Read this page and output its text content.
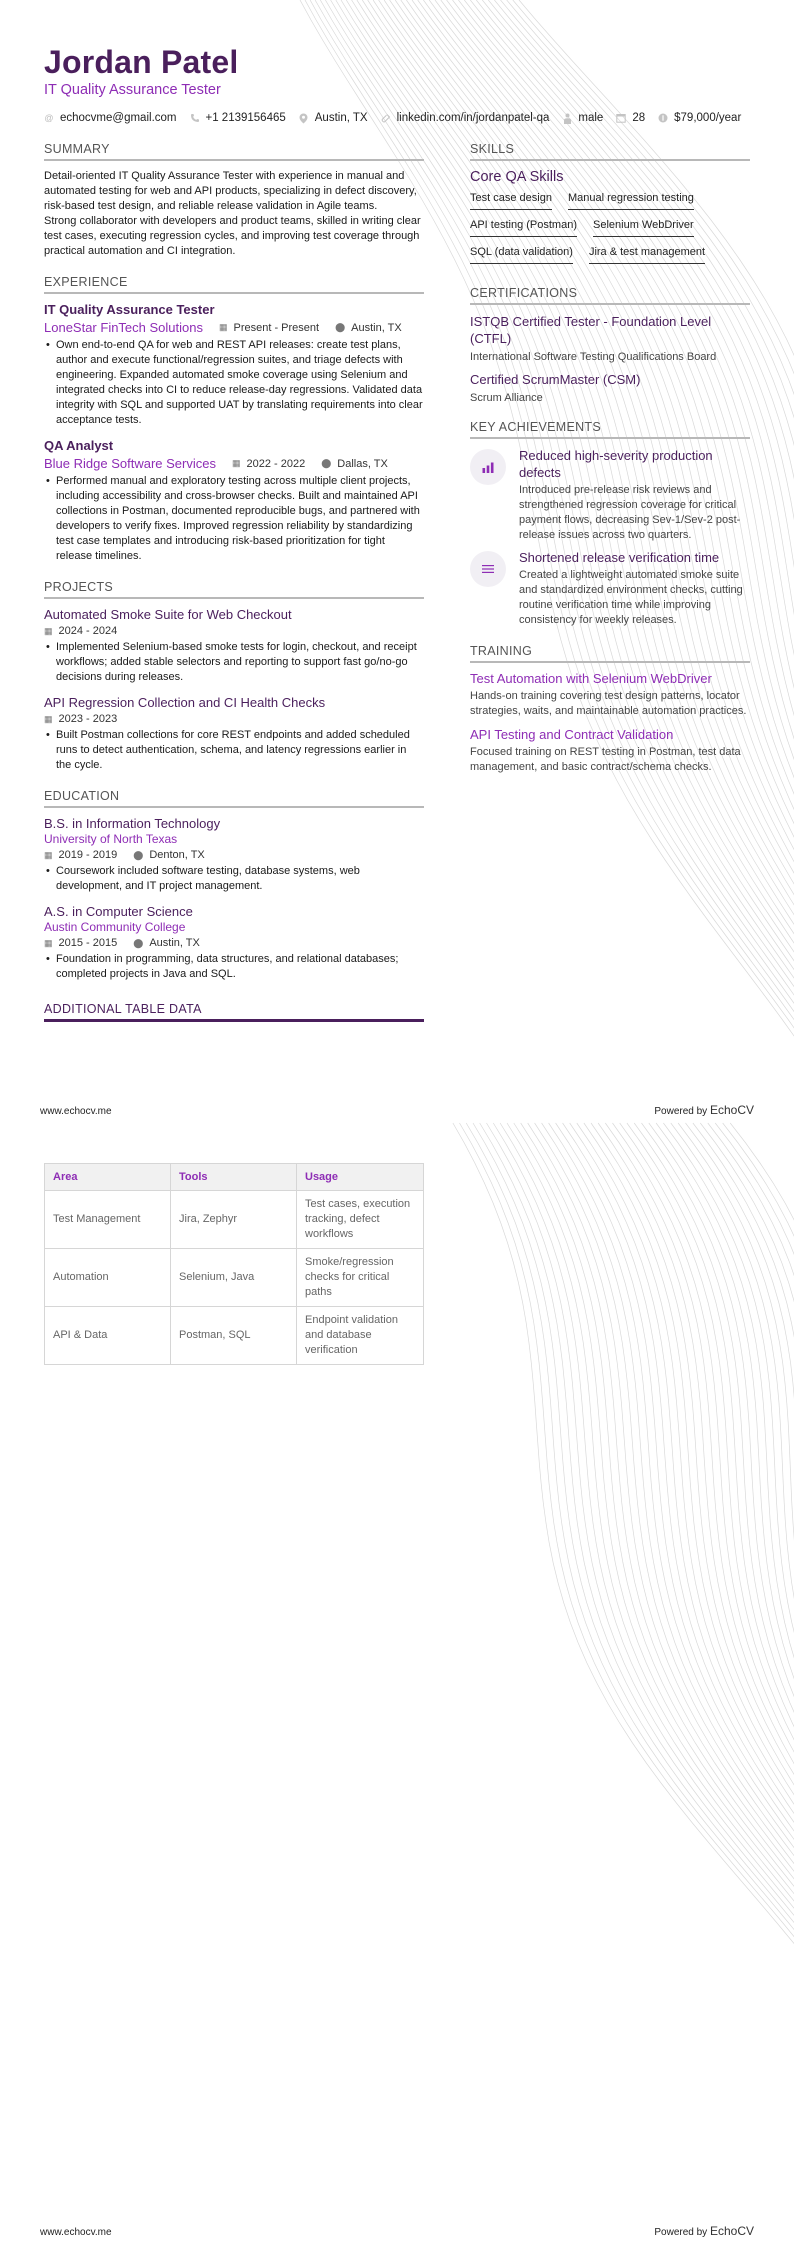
Jordan Patel
IT Quality Assurance Tester
@ echocvme@gmail.com	+1 2139156465	Austin, TX	linkedin.com/in/jordanpatel-qa	male	28	$79,000/year
SUMMARY

Detail-oriented IT Quality Assurance Tester with experience in manual and automated testing for web and API products, specializing in defect discovery, risk-based test design, and reliable release validation in Agile teams.

Strong collaborator with developers and product teams, skilled in writing clear test cases, executing regression cycles, and improving test coverage through practical automation and CI integration.

EXPERIENCE
IT Quality Assurance Tester
LoneStar FinTech Solutions ▦ Present - Present ⬤ Austin, TX
• Own end-to-end QA for web and REST API releases: create test plans, author and execute functional/regression suites, and triage defects with engineering. Expanded automated smoke coverage using Selenium and integrated checks into CI to reduce release-day regressions. Validated data integrity with SQL and supported UAT by translating requirements into clear acceptance tests.
QA Analyst
Blue Ridge Software Services ▦ 2022 - 2022 ⬤ Dallas, TX
• Performed manual and exploratory testing across multiple client projects, including accessibility and cross-browser checks. Built and maintained API collections in Postman, documented reproducible bugs, and partnered with developers to verify fixes. Improved regression reliability by standardizing test case templates and introducing risk-based prioritization for tight release timelines.
PROJECTS
Automated Smoke Suite for Web Checkout
▦ 2024 - 2024
• Implemented Selenium-based smoke tests for login, checkout, and receipt workflows; added stable selectors and reporting to support fast go/no-go decisions during releases.
API Regression Collection and CI Health Checks
▦ 2023 - 2023
• Built Postman collections for core REST endpoints and added scheduled runs to detect authentication, schema, and latency regressions earlier in the cycle.
EDUCATION
B.S. in Information Technology
University of North Texas
▦ 2019 - 2019 ⬤ Denton, TX
• Coursework included software testing, database systems, web development, and IT project management.
A.S. in Computer Science
Austin Community College
▦ 2015 - 2015 ⬤ Austin, TX
• Foundation in programming, data structures, and relational databases; completed projects in Java and SQL.
ADDITIONAL TABLE DATA
SKILLS
Core QA Skills
Test case design Manual regression testing
API testing (Postman) Selenium WebDriver
SQL (data validation) Jira & test management
CERTIFICATIONS
ISTQB Certified Tester - Foundation Level (CTFL)
International Software Testing Qualifications Board
Certified ScrumMaster (CSM)
Scrum Alliance
KEY ACHIEVEMENTS
Reduced high-severity production defects
Introduced pre-release risk reviews and strengthened regression coverage for critical payment flows, decreasing Sev-1/Sev-2 post-release issues across two quarters.
Shortened release verification time
Created a lightweight automated smoke suite and standardized environment checks, cutting routine verification time while improving consistency for weekly releases.
TRAINING
Test Automation with Selenium WebDriver
Hands-on training covering test design patterns, locator strategies, waits, and maintainable automation practices.
API Testing and Contract Validation
Focused training on REST testing in Postman, test data management, and basic contract/schema checks.
www.echocv.me	Powered by EchoCV
Area	Tools	Usage
Test Management	Jira, Zephyr	Test cases, execution tracking, defect workflows
Automation	Selenium, Java	Smoke/regression checks for critical paths
API & Data	Postman, SQL	Endpoint validation and database verification
www.echocv.me	Powered by EchoCV
